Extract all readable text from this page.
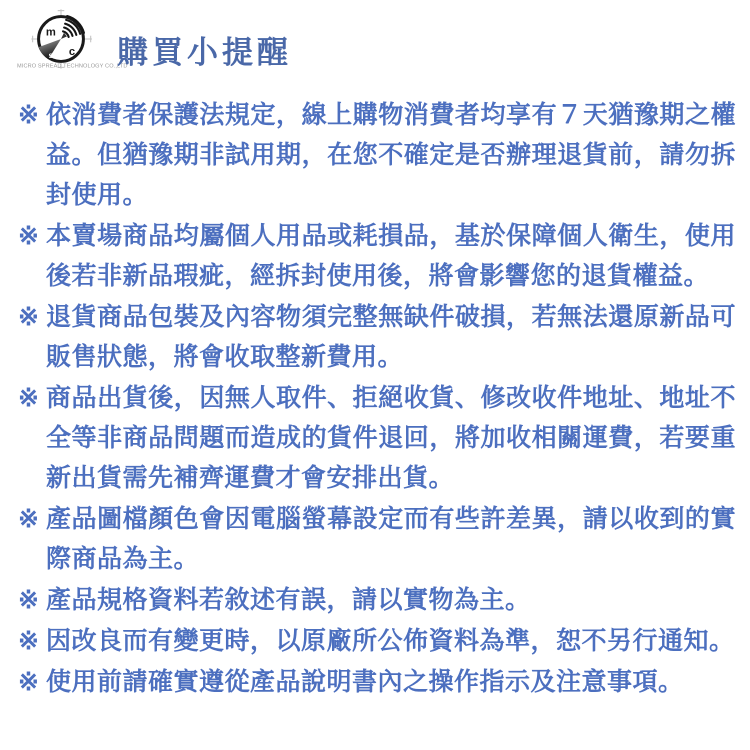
m
s c
MICRO SPREAD TECHNOLOGY CO.,LTD
購買小提醒
※ 依消費者保護法規定，線上購物消費者均享有７天猶豫期之權益。但猶豫期非試用期，在您不確定是否辦理退貨前，請勿拆封使用。
※ 本賣場商品均屬個人用品或耗損品，基於保障個人衛生，使用後若非新品瑕疵，經拆封使用後，將會影響您的退貨權益。
※ 退貨商品包裝及內容物須完整無缺件破損，若無法還原新品可販售狀態，將會收取整新費用。
※ 商品出貨後，因無人取件、拒絕收貨、修改收件地址、地址不全等非商品問題而造成的貨件退回，將加收相關運費，若要重新出貨需先補齊運費才會安排出貨。
※ 產品圖檔顏色會因電腦螢幕設定而有些許差異，請以收到的實際商品為主。
※ 產品規格資料若敘述有誤，請以實物為主。
※ 因改良而有變更時，以原廠所公佈資料為準，恕不另行通知。
※ 使用前請確實遵從產品說明書內之操作指示及注意事項。
